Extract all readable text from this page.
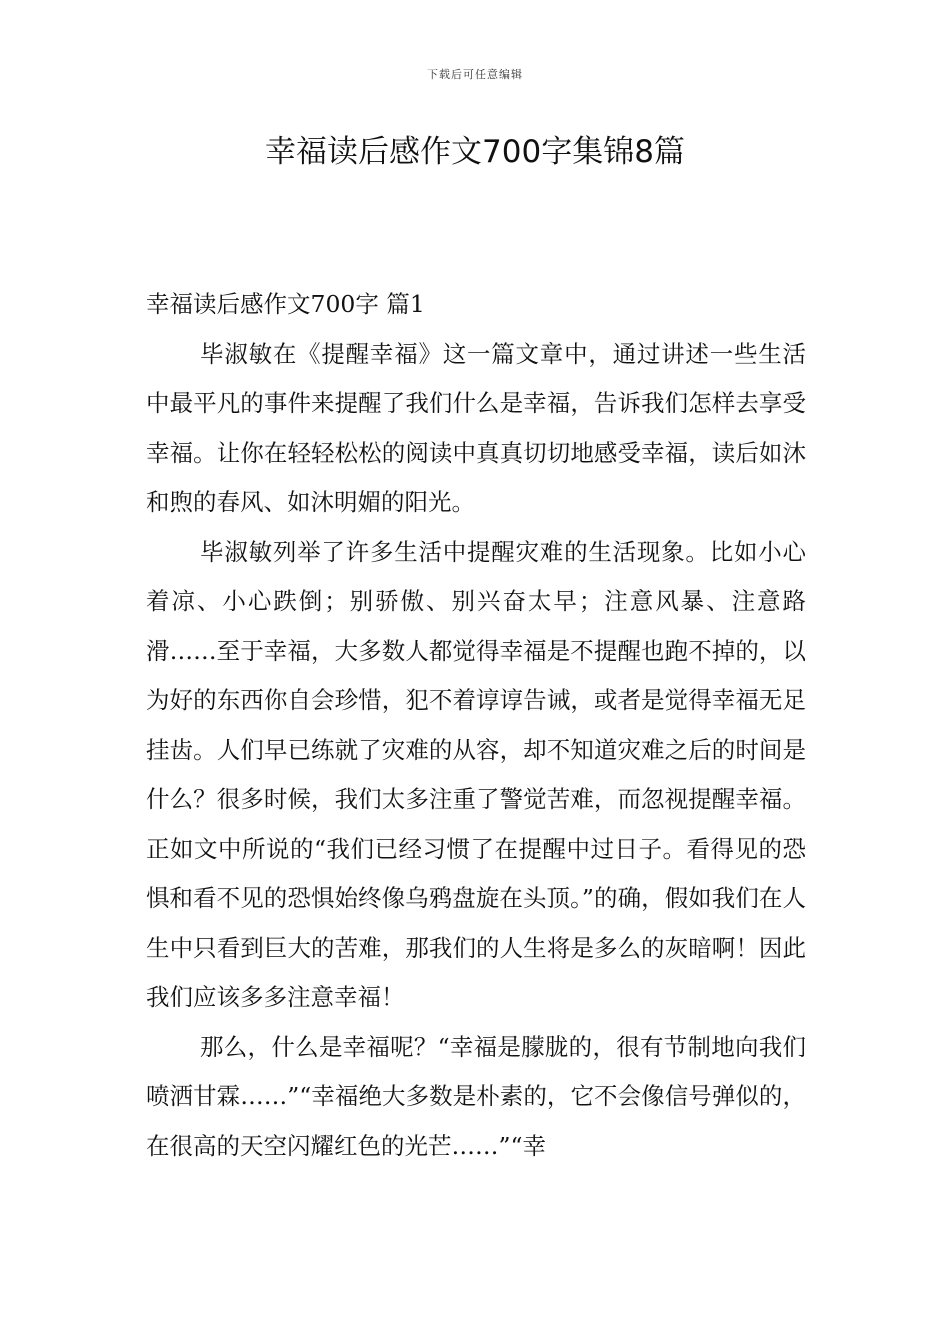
下载后可任意编辑
幸福读后感作文700字集锦8篇
幸福读后感作文700字 篇1

毕淑敏在《提醒幸福》这一篇文章中，通过讲述一些生活中最平凡的事件来提醒了我们什么是幸福，告诉我们怎样去享受幸福。让你在轻轻松松的阅读中真真切切地感受幸福，读后如沐和煦的春风、如沐明媚的阳光。

毕淑敏列举了许多生活中提醒灾难的生活现象。比如小心着凉、小心跌倒；别骄傲、别兴奋太早；注意风暴、注意路滑……至于幸福，大多数人都觉得幸福是不提醒也跑不掉的，以为好的东西你自会珍惜，犯不着谆谆告诫，或者是觉得幸福无足挂齿。人们早已练就了灾难的从容，却不知道灾难之后的时间是什么？很多时候，我们太多注重了警觉苦难，而忽视提醒幸福。正如文中所说的“我们已经习惯了在提醒中过日子。看得见的恐惧和看不见的恐惧始终像乌鸦盘旋在头顶。”的确，假如我们在人生中只看到巨大的苦难，那我们的人生将是多么的灰暗啊！因此我们应该多多注意幸福！

那么，什么是幸福呢？“幸福是朦胧的，很有节制地向我们喷洒甘霖……”“幸福绝大多数是朴素的，它不会像信号弹似的，在很高的天空闪耀红色的光芒……”“幸
